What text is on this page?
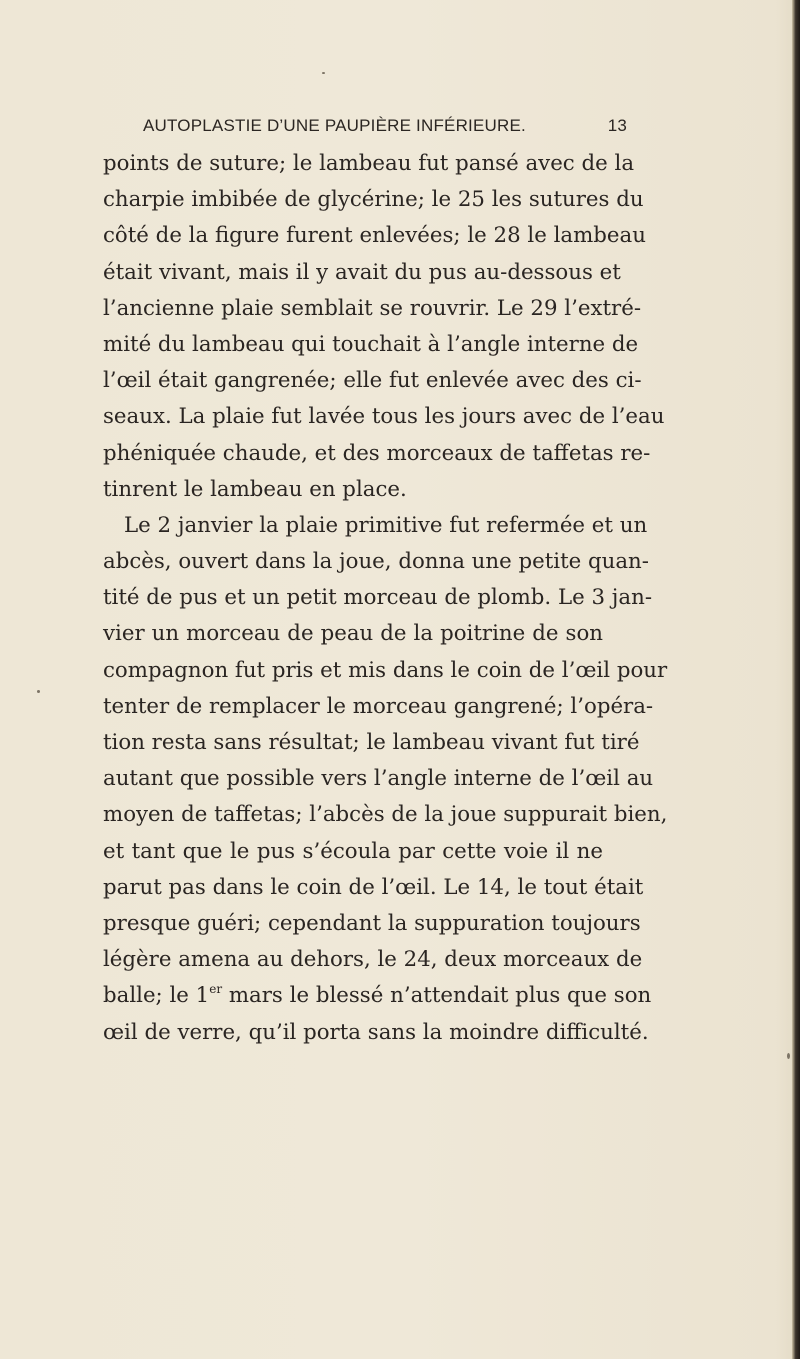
AUTOPLASTIE D’UNE PAUPIÈRE INFÉRIEURE.	13
points de suture; le lambeau fut pansé avec de la
charpie imbibée de glycérine; le 25 les sutures du
côté de la figure furent enlevées; le 28 le lambeau
était vivant, mais il y avait du pus au-dessous et
l’ancienne plaie semblait se rouvrir. Le 29 l’extré-
mité du lambeau qui touchait à l’angle interne de
l’œil était gangrenée; elle fut enlevée avec des ci-
seaux. La plaie fut lavée tous les jours avec de l’eau
phéniquée chaude, et des morceaux de taffetas re-
tinrent le lambeau en place.
Le 2 janvier la plaie primitive fut refermée et un
abcès, ouvert dans la joue, donna une petite quan-
tité de pus et un petit morceau de plomb. Le 3 jan-
vier un morceau de peau de la poitrine de son
compagnon fut pris et mis dans le coin de l’œil pour
tenter de remplacer le morceau gangrené; l’opéra-
tion resta sans résultat; le lambeau vivant fut tiré
autant que possible vers l’angle interne de l’œil au
moyen de taffetas; l’abcès de la joue suppurait bien,
et tant que le pus s’écoula par cette voie il ne
parut pas dans le coin de l’œil. Le 14, le tout était
presque guéri; cependant la suppuration toujours
légère amena au dehors, le 24, deux morceaux de
balle; le 1er mars le blessé n’attendait plus que son
œil de verre, qu’il porta sans la moindre difficulté.
